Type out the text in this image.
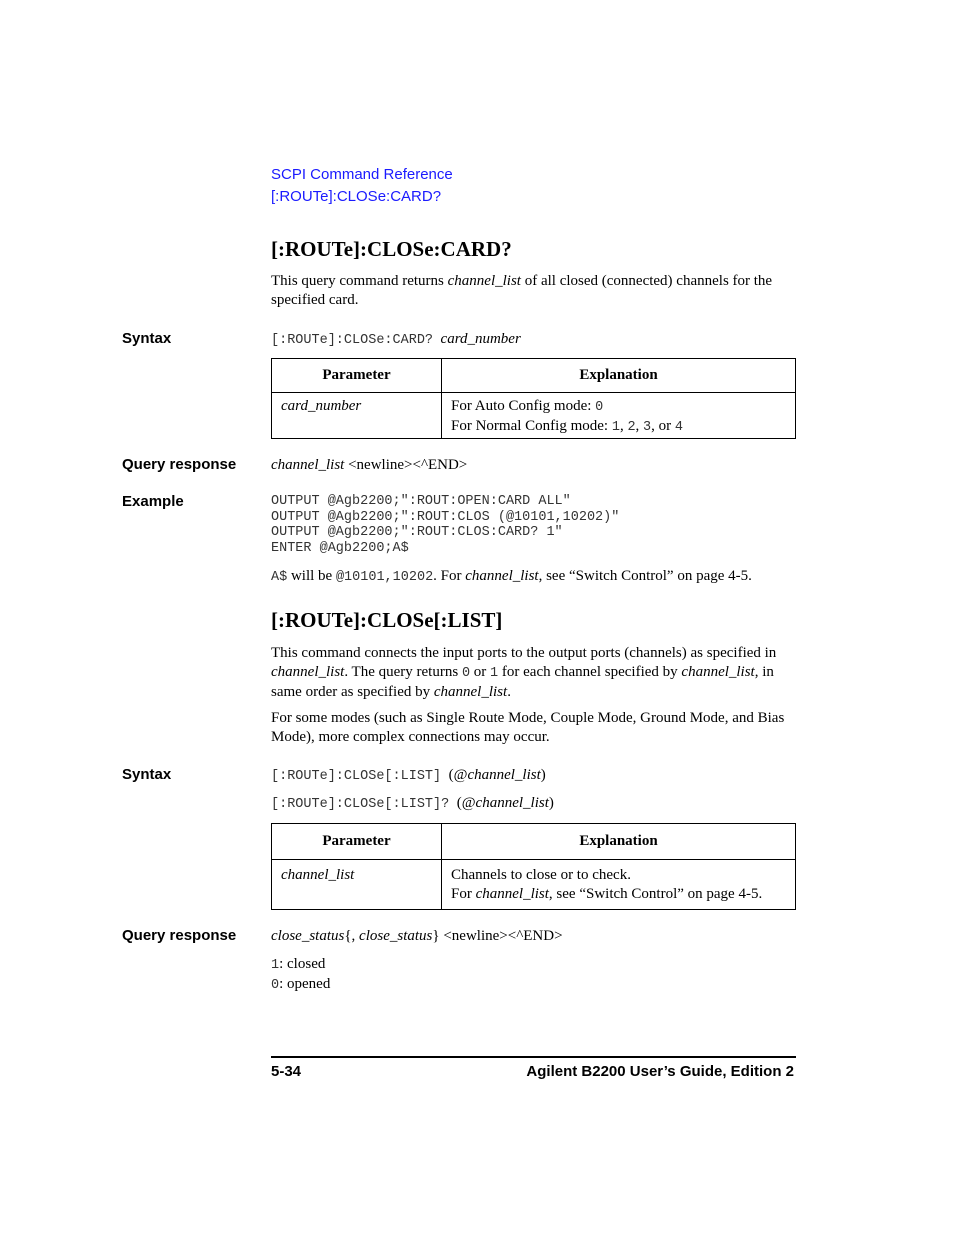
SCPI Command Reference
[:ROUTe]:CLOSe:CARD?
[:ROUTe]:CLOSe:CARD?
This query command returns channel_list of all closed (connected) channels for the specified card.
Syntax	[:ROUTe]:CLOSe:CARD? card_number
Parameter	Explanation
card_number	For Auto Config mode: 0
For Normal Config mode: 1, 2, 3, or 4
Query response channel_list <newline><^END>
Example	OUTPUT @Agb2200;":ROUT:OPEN:CARD ALL"
OUTPUT @Agb2200;":ROUT:CLOS (@10101,10202)"
OUTPUT @Agb2200;":ROUT:CLOS:CARD? 1"
ENTER @Agb2200;A$
A$ will be @10101,10202. For channel_list, see “Switch Control” on page 4-5.
[:ROUTe]:CLOSe[:LIST]
This command connects the input ports to the output ports (channels) as specified in channel_list. The query returns 0 or 1 for each channel specified by channel_list, in same order as specified by channel_list.
For some modes (such as Single Route Mode, Couple Mode, Ground Mode, and Bias Mode), more complex connections may occur.
Syntax	[:ROUTe]:CLOSe[:LIST] (@channel_list)
[:ROUTe]:CLOSe[:LIST]? (@channel_list)
Parameter	Explanation
channel_list	Channels to close or to check.
For channel_list, see “Switch Control” on page 4-5.
Query response close_status{, close_status} <newline><^END>
1: closed
0: opened
5-34	Agilent B2200 User’s Guide, Edition 2
